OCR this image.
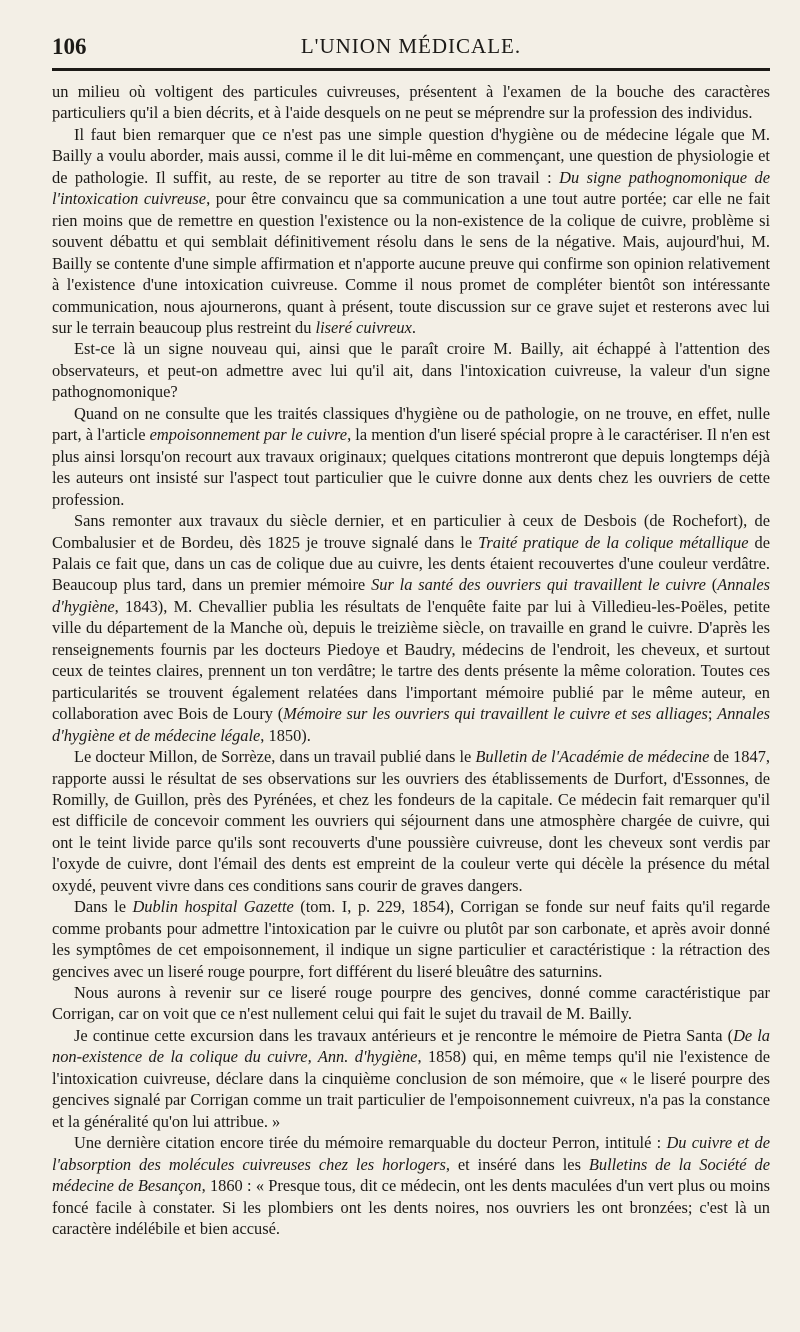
106	L'UNION MÉDICALE.

un milieu où voltigent des particules cuivreuses, présentent à l'examen de la bouche des caractères particuliers qu'il a bien décrits, et à l'aide desquels on ne peut se méprendre sur la profession des individus.

Il faut bien remarquer que ce n'est pas une simple question d'hygiène ou de médecine légale que M. Bailly a voulu aborder, mais aussi, comme il le dit lui-même en commençant, une question de physiologie et de pathologie. Il suffit, au reste, de se reporter au titre de son travail : Du signe pathognomonique de l'intoxication cuivreuse, pour être convaincu que sa communication a une tout autre portée; car elle ne fait rien moins que de remettre en question l'existence ou la non-existence de la colique de cuivre, problème si souvent débattu et qui semblait définitivement résolu dans le sens de la négative. Mais, aujourd'hui, M. Bailly se contente d'une simple affirmation et n'apporte aucune preuve qui confirme son opinion relativement à l'existence d'une intoxication cuivreuse. Comme il nous promet de compléter bientôt son intéressante communication, nous ajournerons, quant à présent, toute discussion sur ce grave sujet et resterons avec lui sur le terrain beaucoup plus restreint du liseré cuivreux.

Est-ce là un signe nouveau qui, ainsi que le paraît croire M. Bailly, ait échappé à l'attention des observateurs, et peut-on admettre avec lui qu'il ait, dans l'intoxication cuivreuse, la valeur d'un signe pathognomonique?

Quand on ne consulte que les traités classiques d'hygiène ou de pathologie, on ne trouve, en effet, nulle part, à l'article empoisonnement par le cuivre, la mention d'un liseré spécial propre à le caractériser. Il n'en est plus ainsi lorsqu'on recourt aux travaux originaux; quelques citations montreront que depuis longtemps déjà les auteurs ont insisté sur l'aspect tout particulier que le cuivre donne aux dents chez les ouvriers de cette profession.

Sans remonter aux travaux du siècle dernier, et en particulier à ceux de Desbois (de Rochefort), de Combalusier et de Bordeu, dès 1825 je trouve signalé dans le Traité pratique de la colique métallique de Palais ce fait que, dans un cas de colique due au cuivre, les dents étaient recouvertes d'une couleur verdâtre. Beaucoup plus tard, dans un premier mémoire Sur la santé des ouvriers qui travaillent le cuivre (Annales d'hygiène, 1843), M. Chevallier publia les résultats de l'enquête faite par lui à Villedieu-les-Poëles, petite ville du département de la Manche où, depuis le treizième siècle, on travaille en grand le cuivre. D'après les renseignements fournis par les docteurs Piedoye et Baudry, médecins de l'endroit, les cheveux, et surtout ceux de teintes claires, prennent un ton verdâtre; le tartre des dents présente la même coloration. Toutes ces particularités se trouvent également relatées dans l'important mémoire publié par le même auteur, en collaboration avec Bois de Loury (Mémoire sur les ouvriers qui travaillent le cuivre et ses alliages; Annales d'hygiène et de médecine légale, 1850).

Le docteur Millon, de Sorrèze, dans un travail publié dans le Bulletin de l'Académie de médecine de 1847, rapporte aussi le résultat de ses observations sur les ouvriers des établissements de Durfort, d'Essonnes, de Romilly, de Guillon, près des Pyrénées, et chez les fondeurs de la capitale. Ce médecin fait remarquer qu'il est difficile de concevoir comment les ouvriers qui séjournent dans une atmosphère chargée de cuivre, qui ont le teint livide parce qu'ils sont recouverts d'une poussière cuivreuse, dont les cheveux sont verdis par l'oxyde de cuivre, dont l'émail des dents est empreint de la couleur verte qui décèle la présence du métal oxydé, peuvent vivre dans ces conditions sans courir de graves dangers.

Dans le Dublin hospital Gazette (tom. I, p. 229, 1854), Corrigan se fonde sur neuf faits qu'il regarde comme probants pour admettre l'intoxication par le cuivre ou plutôt par son carbonate, et après avoir donné les symptômes de cet empoisonnement, il indique un signe particulier et caractéristique : la rétraction des gencives avec un liseré rouge pourpre, fort différent du liseré bleuâtre des saturnins.

Nous aurons à revenir sur ce liseré rouge pourpre des gencives, donné comme caractéristique par Corrigan, car on voit que ce n'est nullement celui qui fait le sujet du travail de M. Bailly.

Je continue cette excursion dans les travaux antérieurs et je rencontre le mémoire de Pietra Santa (De la non-existence de la colique du cuivre, Ann. d'hygiène, 1858) qui, en même temps qu'il nie l'existence de l'intoxication cuivreuse, déclare dans la cinquième conclusion de son mémoire, que « le liseré pourpre des gencives signalé par Corrigan comme un trait particulier de l'empoisonnement cuivreux, n'a pas la constance et la généralité qu'on lui attribue. »

Une dernière citation encore tirée du mémoire remarquable du docteur Perron, intitulé : Du cuivre et de l'absorption des molécules cuivreuses chez les horlogers, et inséré dans les Bulletins de la Société de médecine de Besançon, 1860 : « Presque tous, dit ce médecin, ont les dents maculées d'un vert plus ou moins foncé facile à constater. Si les plombiers ont les dents noires, nos ouvriers les ont bronzées; c'est là un caractère indélébile et bien accusé.
